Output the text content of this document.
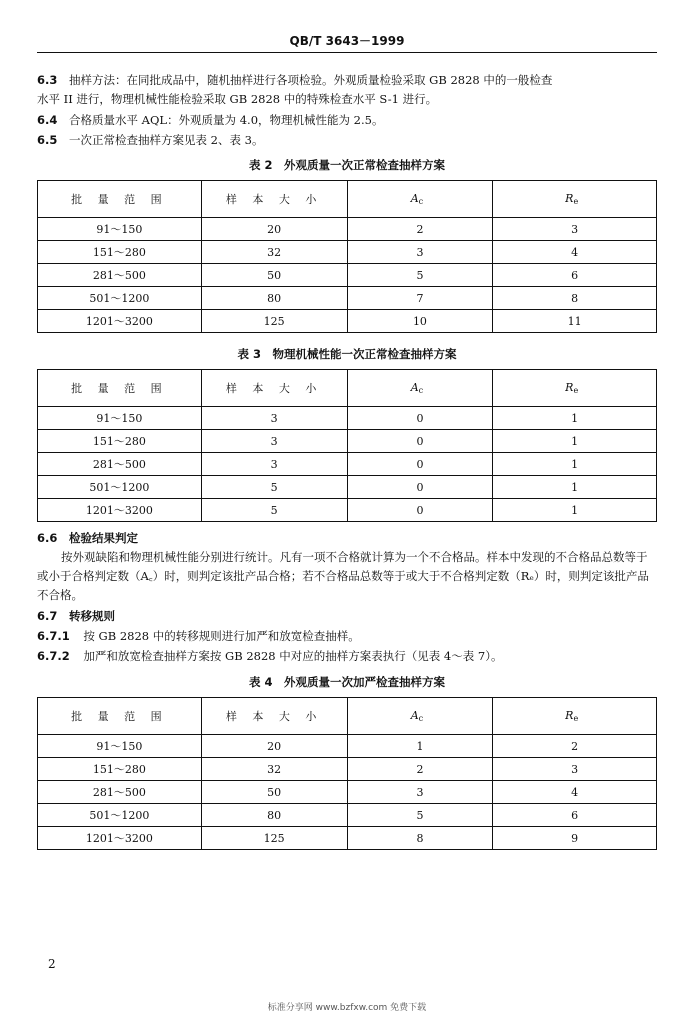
QB/T 3643－1999
6.3 抽样方法：在同批成品中，随机抽样进行各项检验。外观质量检验采取 GB 2828 中的一般检查
水平 II 进行，物理机械性能检验采取 GB 2828 中的特殊检查水平 S-1 进行。
6.4 合格质量水平 AQL：外观质量为 4.0，物理机械性能为 2.5。
6.5 一次正常检查抽样方案见表 2、表 3。
表 2　外观质量一次正常检查抽样方案
批 量 范 围	样 本 大 小	$A_c$	$R_e$
91～150	20	2	3
151～280	32	3	4
281～500	50	5	6
501～1200	80	7	8
1201～3200	125	10	11
表 3　物理机械性能一次正常检查抽样方案
批 量 范 围	样 本 大 小	$A_c$	$R_e$
91～150	3	0	1
151～280	3	0	1
281～500	3	0	1
501～1200	5	0	1
1201～3200	5	0	1
6.6 检验结果判定
按外观缺陷和物理机械性能分别进行统计。凡有一项不合格就计算为一个不合格品。样本中发现的不合格品总数等于或小于合格判定数（A꜀）时，则判定该批产品合格；若不合格品总数等于或大于不合格判定数（Rₑ）时，则判定该批产品不合格。
6.7 转移规则
6.7.1 按 GB 2828 中的转移规则进行加严和放宽检查抽样。
6.7.2 加严和放宽检查抽样方案按 GB 2828 中对应的抽样方案表执行（见表 4～表 7）。
表 4　外观质量一次加严检查抽样方案
批 量 范 围	样 本 大 小	$A_c$	$R_e$
91～150	20	1	2
151～280	32	2	3
281～500	50	3	4
501～1200	80	5	6
1201～3200	125	8	9
2
标准分享网 www.bzfxw.com 免费下载
